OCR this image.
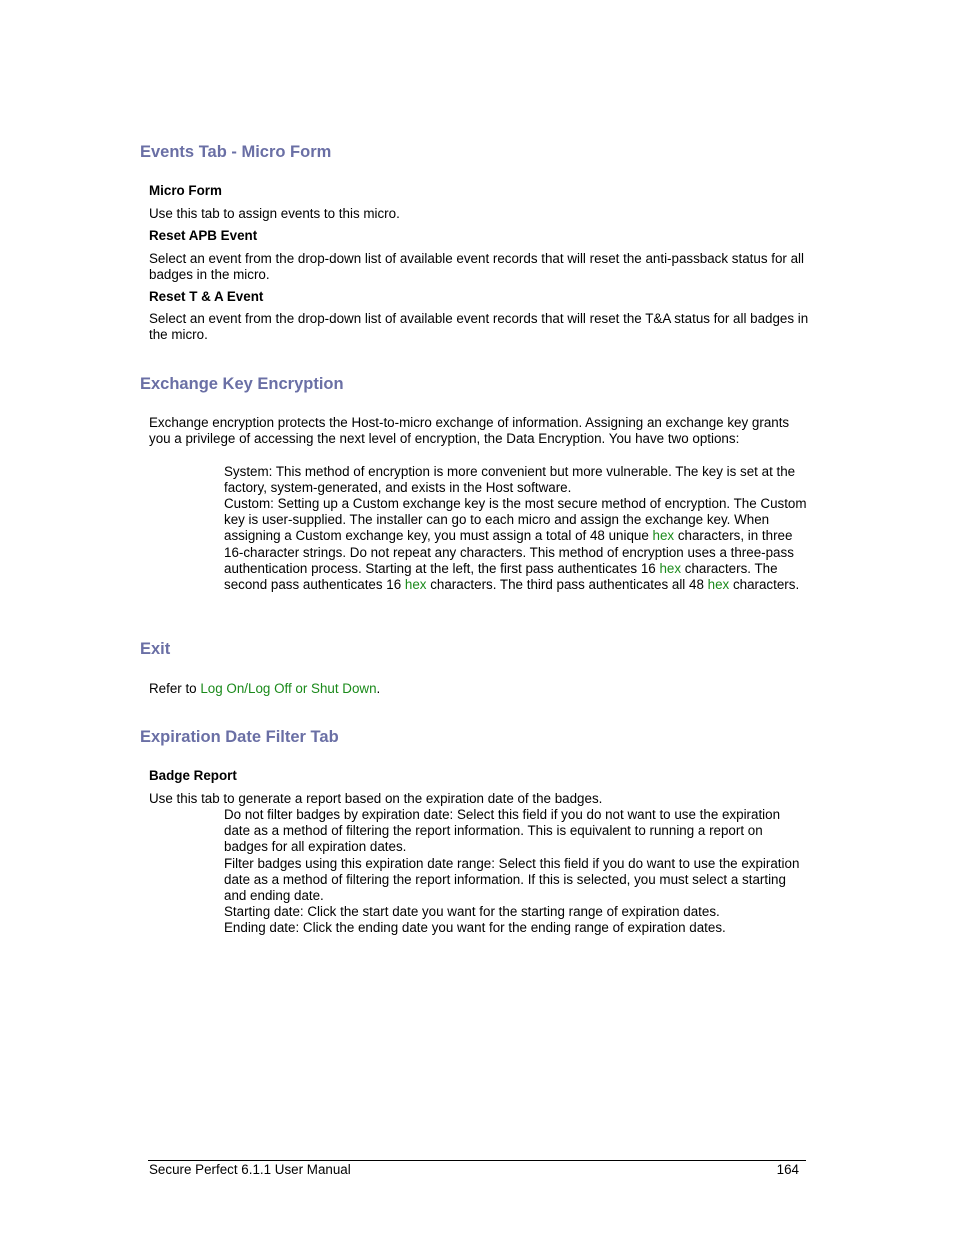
Events Tab - Micro Form
Micro Form

Use this tab to assign events to this micro.

Reset APB Event

Select an event from the drop-down list of available event records that will reset the anti-passback status for all badges in the micro.

Reset T & A Event

Select an event from the drop-down list of available event records that will reset the T&A status for all badges in the micro.

Exchange Key Encryption

Exchange encryption protects the Host-to-micro exchange of information. Assigning an exchange key grants you a privilege of accessing the next level of encryption, the Data Encryption. You have two options:

System: This method of encryption is more convenient but more vulnerable. The key is set at the factory, system-generated, and exists in the Host software.

Custom: Setting up a Custom exchange key is the most secure method of encryption. The Custom key is user-supplied. The installer can go to each micro and assign the exchange key. When assigning a Custom exchange key, you must assign a total of 48 unique hex characters, in three 16-character strings. Do not repeat any characters. This method of encryption uses a three-pass authentication process. Starting at the left, the first pass authenticates 16 hex characters. The second pass authenticates 16 hex characters. The third pass authenticates all 48 hex characters.

Exit

Refer to Log On/Log Off or Shut Down.

Expiration Date Filter Tab
Badge Report

Use this tab to generate a report based on the expiration date of the badges.

Do not filter badges by expiration date: Select this field if you do not want to use the expiration date as a method of filtering the report information. This is equivalent to running a report on badges for all expiration dates.

Filter badges using this expiration date range: Select this field if you do want to use the expiration date as a method of filtering the report information. If this is selected, you must select a starting and ending date.

Starting date: Click the start date you want for the starting range of expiration dates.

Ending date: Click the ending date you want for the ending range of expiration dates.

Secure Perfect 6.1.1 User Manual	164
